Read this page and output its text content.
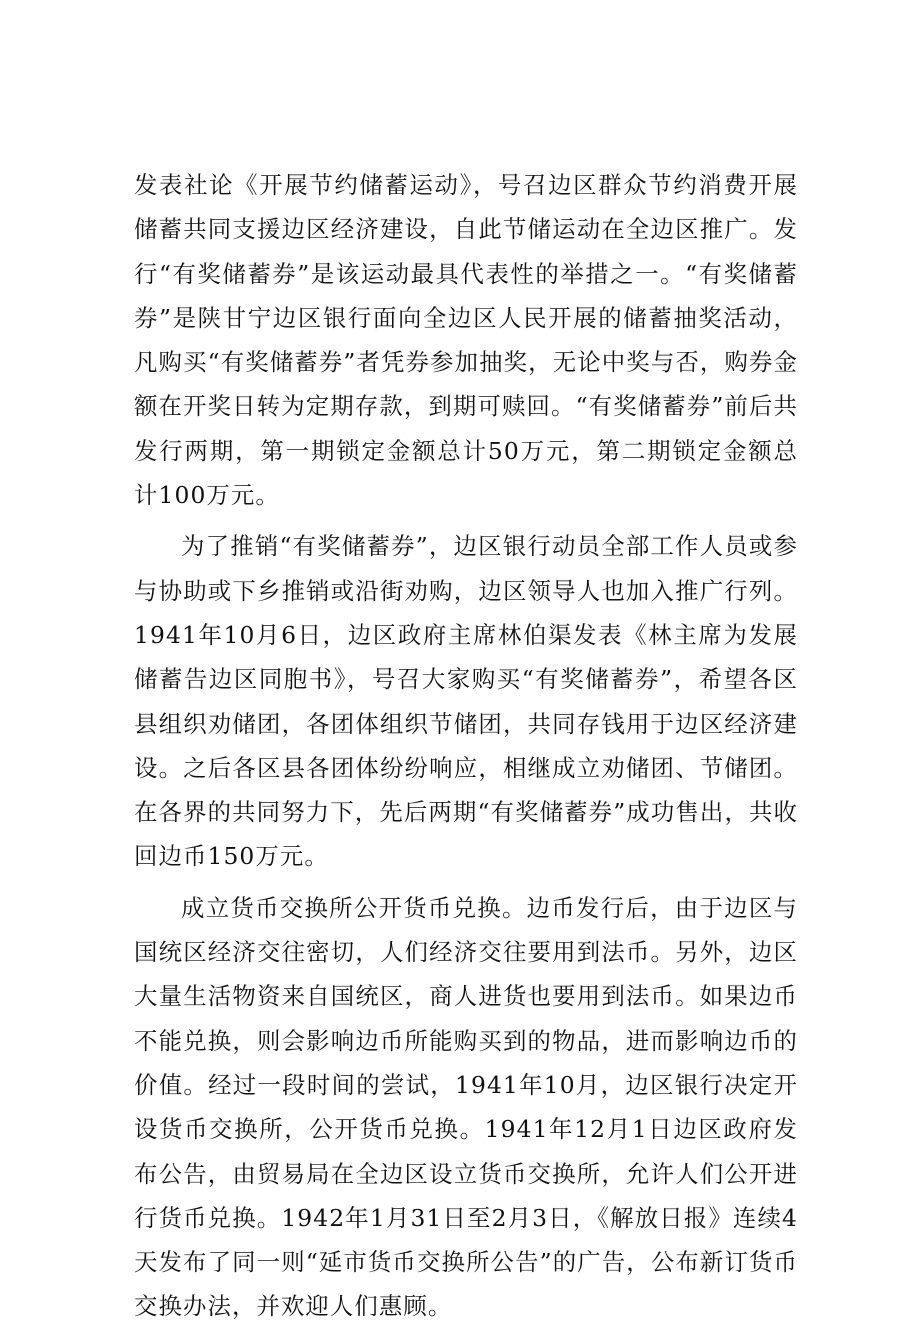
发表社论《开展节约储蓄运动》，号召边区群众节约消费开展储蓄共同支援边区经济建设，自此节储运动在全边区推广。发行“有奖储蓄券”是该运动最具代表性的举措之一。“有奖储蓄券”是陕甘宁边区银行面向全边区人民开展的储蓄抽奖活动，凡购买“有奖储蓄券”者凭券参加抽奖，无论中奖与否，购券金额在开奖日转为定期存款，到期可赎回。“有奖储蓄券”前后共发行两期，第一期锁定金额总计50万元，第二期锁定金额总计100万元。

为了推销“有奖储蓄券”，边区银行动员全部工作人员或参与协助或下乡推销或沿街劝购，边区领导人也加入推广行列。1941年10月6日，边区政府主席林伯渠发表《林主席为发展储蓄告边区同胞书》，号召大家购买“有奖储蓄券”，希望各区县组织劝储团，各团体组织节储团，共同存钱用于边区经济建设。之后各区县各团体纷纷响应，相继成立劝储团、节储团。在各界的共同努力下，先后两期“有奖储蓄券”成功售出，共收回边币150万元。

成立货币交换所公开货币兑换。边币发行后，由于边区与国统区经济交往密切，人们经济交往要用到法币。另外，边区大量生活物资来自国统区，商人进货也要用到法币。如果边币不能兑换，则会影响边币所能购买到的物品，进而影响边币的价值。经过一段时间的尝试，1941年10月，边区银行决定开设货币交换所，公开货币兑换。1941年12月1日边区政府发布公告，由贸易局在全边区设立货币交换所，允许人们公开进行货币兑换。1942年1月31日至2月3日，《解放日报》连续4天发布了同一则“延市货币交换所公告”的广告，公布新订货币交换办法，并欢迎人们惠顾。
